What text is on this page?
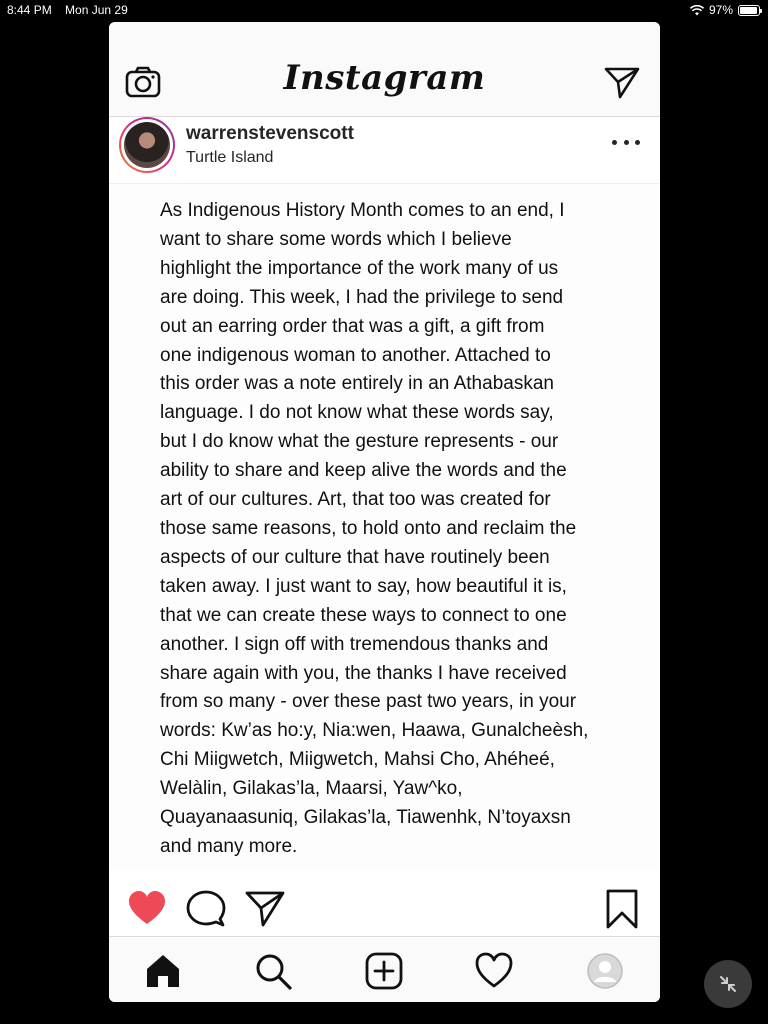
8:44 PM Mon Jun 29	97%
Instagram
warrenstevenscott
Turtle Island
As Indigenous History Month comes to an end, I
want to share some words which I believe
highlight the importance of the work many of us
are doing. This week, I had the privilege to send
out an earring order that was a gift, a gift from
one indigenous woman to another. Attached to
this order was a note entirely in an Athabaskan
language. I do not know what these words say,
but I do know what the gesture represents - our
ability to share and keep alive the words and the
art of our cultures. Art, that too was created for
those same reasons, to hold onto and reclaim the
aspects of our culture that have routinely been
taken away. I just want to say, how beautiful it is,
that we can create these ways to connect to one
another. I sign off with tremendous thanks and
share again with you, the thanks I have received
from so many - over these past two years, in your
words: Kw’as ho:y, Nia:wen, Haawa, Gunalcheèsh,
Chi Miigwetch, Miigwetch, Mahsi Cho, Ahéheé,
Welàlin, Gilakas’la, Maarsi, Yaw^ko,
Quayanaasuniq, Gilakas’la, Tiawenhk, N’toyaxsn
and many more.
